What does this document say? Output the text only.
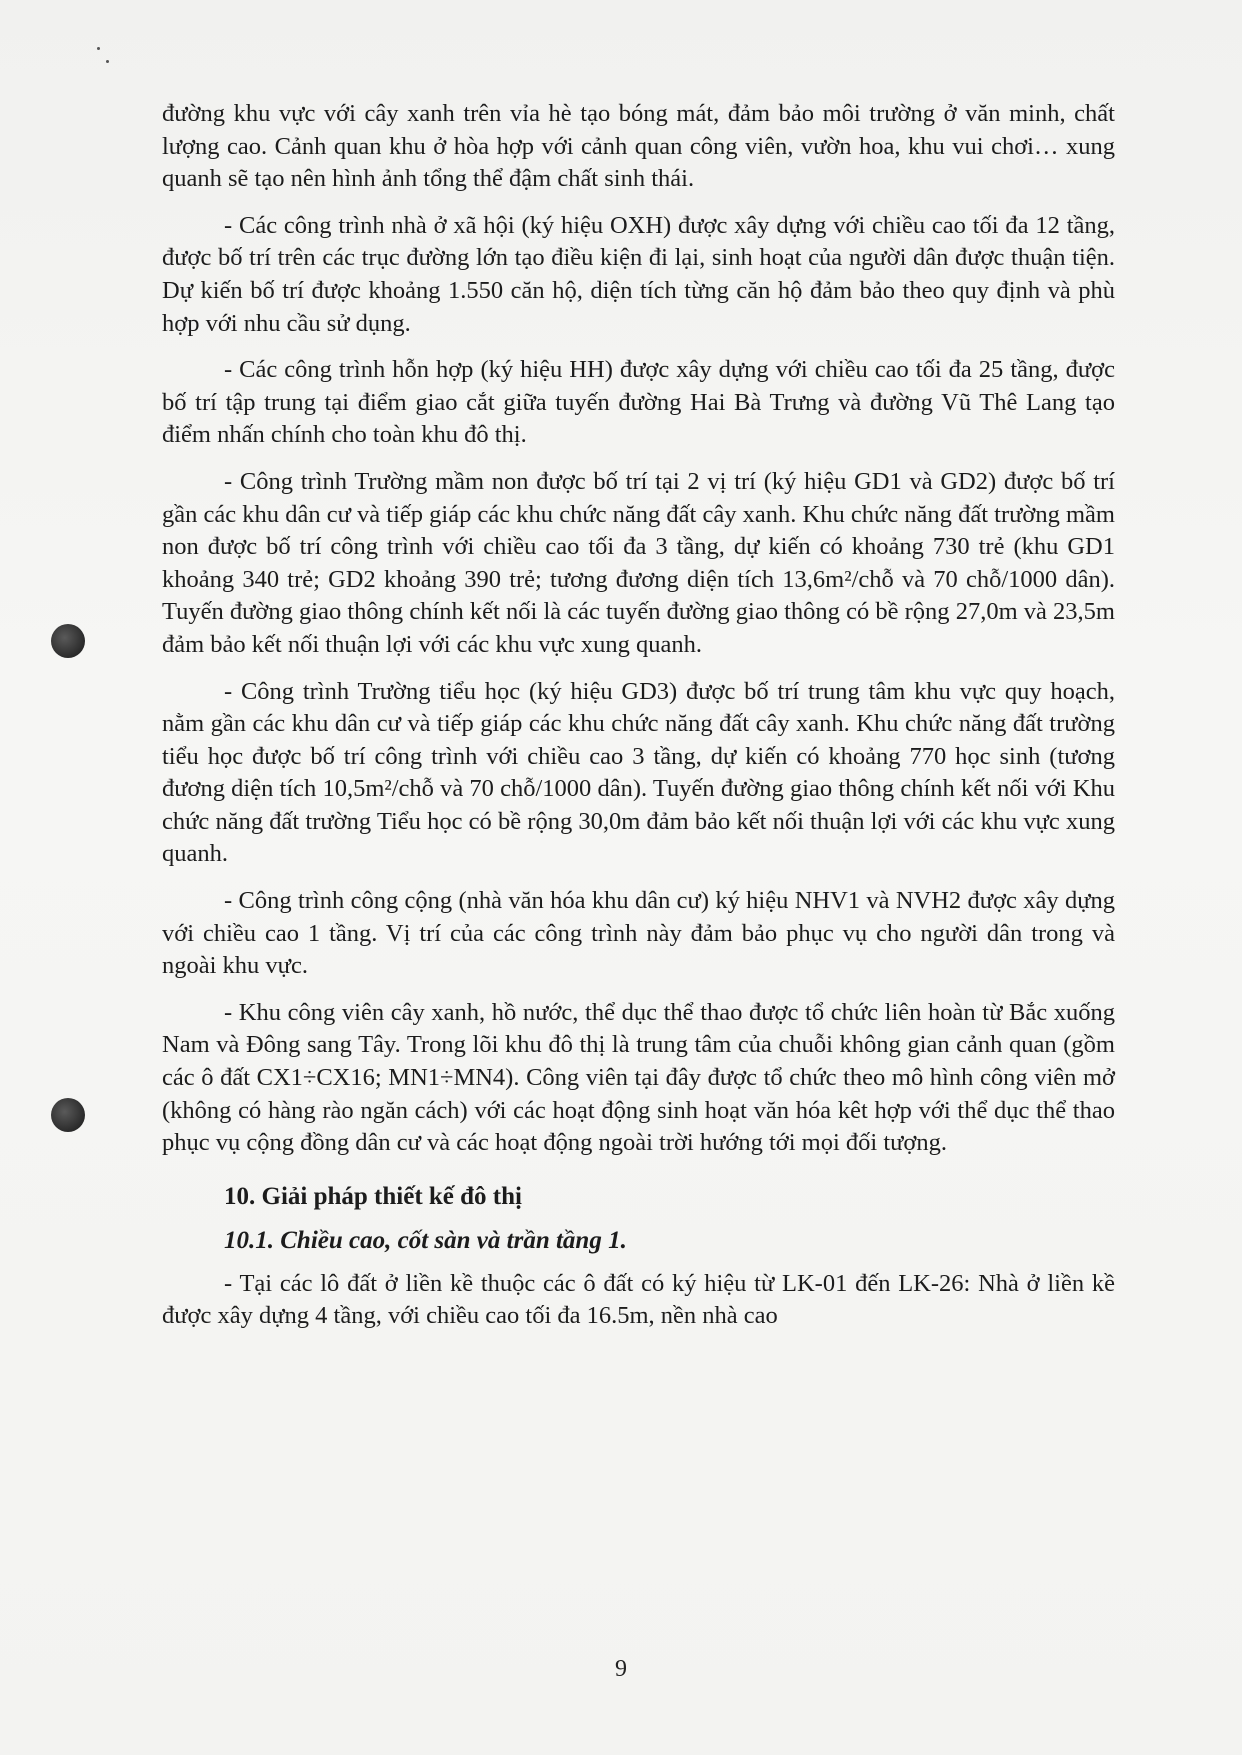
đường khu vực với cây xanh trên vỉa hè tạo bóng mát, đảm bảo môi trường ở văn minh, chất lượng cao. Cảnh quan khu ở hòa hợp với cảnh quan công viên, vườn hoa, khu vui chơi… xung quanh sẽ tạo nên hình ảnh tổng thể đậm chất sinh thái.

- Các công trình nhà ở xã hội (ký hiệu OXH) được xây dựng với chiều cao tối đa 12 tầng, được bố trí trên các trục đường lớn tạo điều kiện đi lại, sinh hoạt của người dân được thuận tiện. Dự kiến bố trí được khoảng 1.550 căn hộ, diện tích từng căn hộ đảm bảo theo quy định và phù hợp với nhu cầu sử dụng.

- Các công trình hỗn hợp (ký hiệu HH) được xây dựng với chiều cao tối đa 25 tầng, được bố trí tập trung tại điểm giao cắt giữa tuyến đường Hai Bà Trưng và đường Vũ Thê Lang tạo điểm nhấn chính cho toàn khu đô thị.

- Công trình Trường mầm non được bố trí tại 2 vị trí (ký hiệu GD1 và GD2) được bố trí gần các khu dân cư và tiếp giáp các khu chức năng đất cây xanh. Khu chức năng đất trường mầm non được bố trí công trình với chiều cao tối đa 3 tầng, dự kiến có khoảng 730 trẻ (khu GD1 khoảng 340 trẻ; GD2 khoảng 390 trẻ; tương đương diện tích 13,6m²/chỗ và 70 chỗ/1000 dân). Tuyến đường giao thông chính kết nối là các tuyến đường giao thông có bề rộng 27,0m và 23,5m đảm bảo kết nối thuận lợi với các khu vực xung quanh.

- Công trình Trường tiểu học (ký hiệu GD3) được bố trí trung tâm khu vực quy hoạch, nằm gần các khu dân cư và tiếp giáp các khu chức năng đất cây xanh. Khu chức năng đất trường tiểu học được bố trí công trình với chiều cao 3 tầng, dự kiến có khoảng 770 học sinh (tương đương diện tích 10,5m²/chỗ và 70 chỗ/1000 dân). Tuyến đường giao thông chính kết nối với Khu chức năng đất trường Tiểu học có bề rộng 30,0m đảm bảo kết nối thuận lợi với các khu vực xung quanh.

- Công trình công cộng (nhà văn hóa khu dân cư) ký hiệu NHV1 và NVH2 được xây dựng với chiều cao 1 tầng. Vị trí của các công trình này đảm bảo phục vụ cho người dân trong và ngoài khu vực.

- Khu công viên cây xanh, hồ nước, thể dục thể thao được tổ chức liên hoàn từ Bắc xuống Nam và Đông sang Tây. Trong lõi khu đô thị là trung tâm của chuỗi không gian cảnh quan (gồm các ô đất CX1÷CX16; MN1÷MN4). Công viên tại đây được tổ chức theo mô hình công viên mở (không có hàng rào ngăn cách) với các hoạt động sinh hoạt văn hóa kêt hợp với thể dục thể thao phục vụ cộng đồng dân cư và các hoạt động ngoài trời hướng tới mọi đối tượng.

10. Giải pháp thiết kế đô thị
10.1. Chiều cao, cốt sàn và trần tầng 1.

- Tại các lô đất ở liền kề thuộc các ô đất có ký hiệu từ LK-01 đến LK-26: Nhà ở liền kề được xây dựng 4 tầng, với chiều cao tối đa 16.5m, nền nhà cao

9
